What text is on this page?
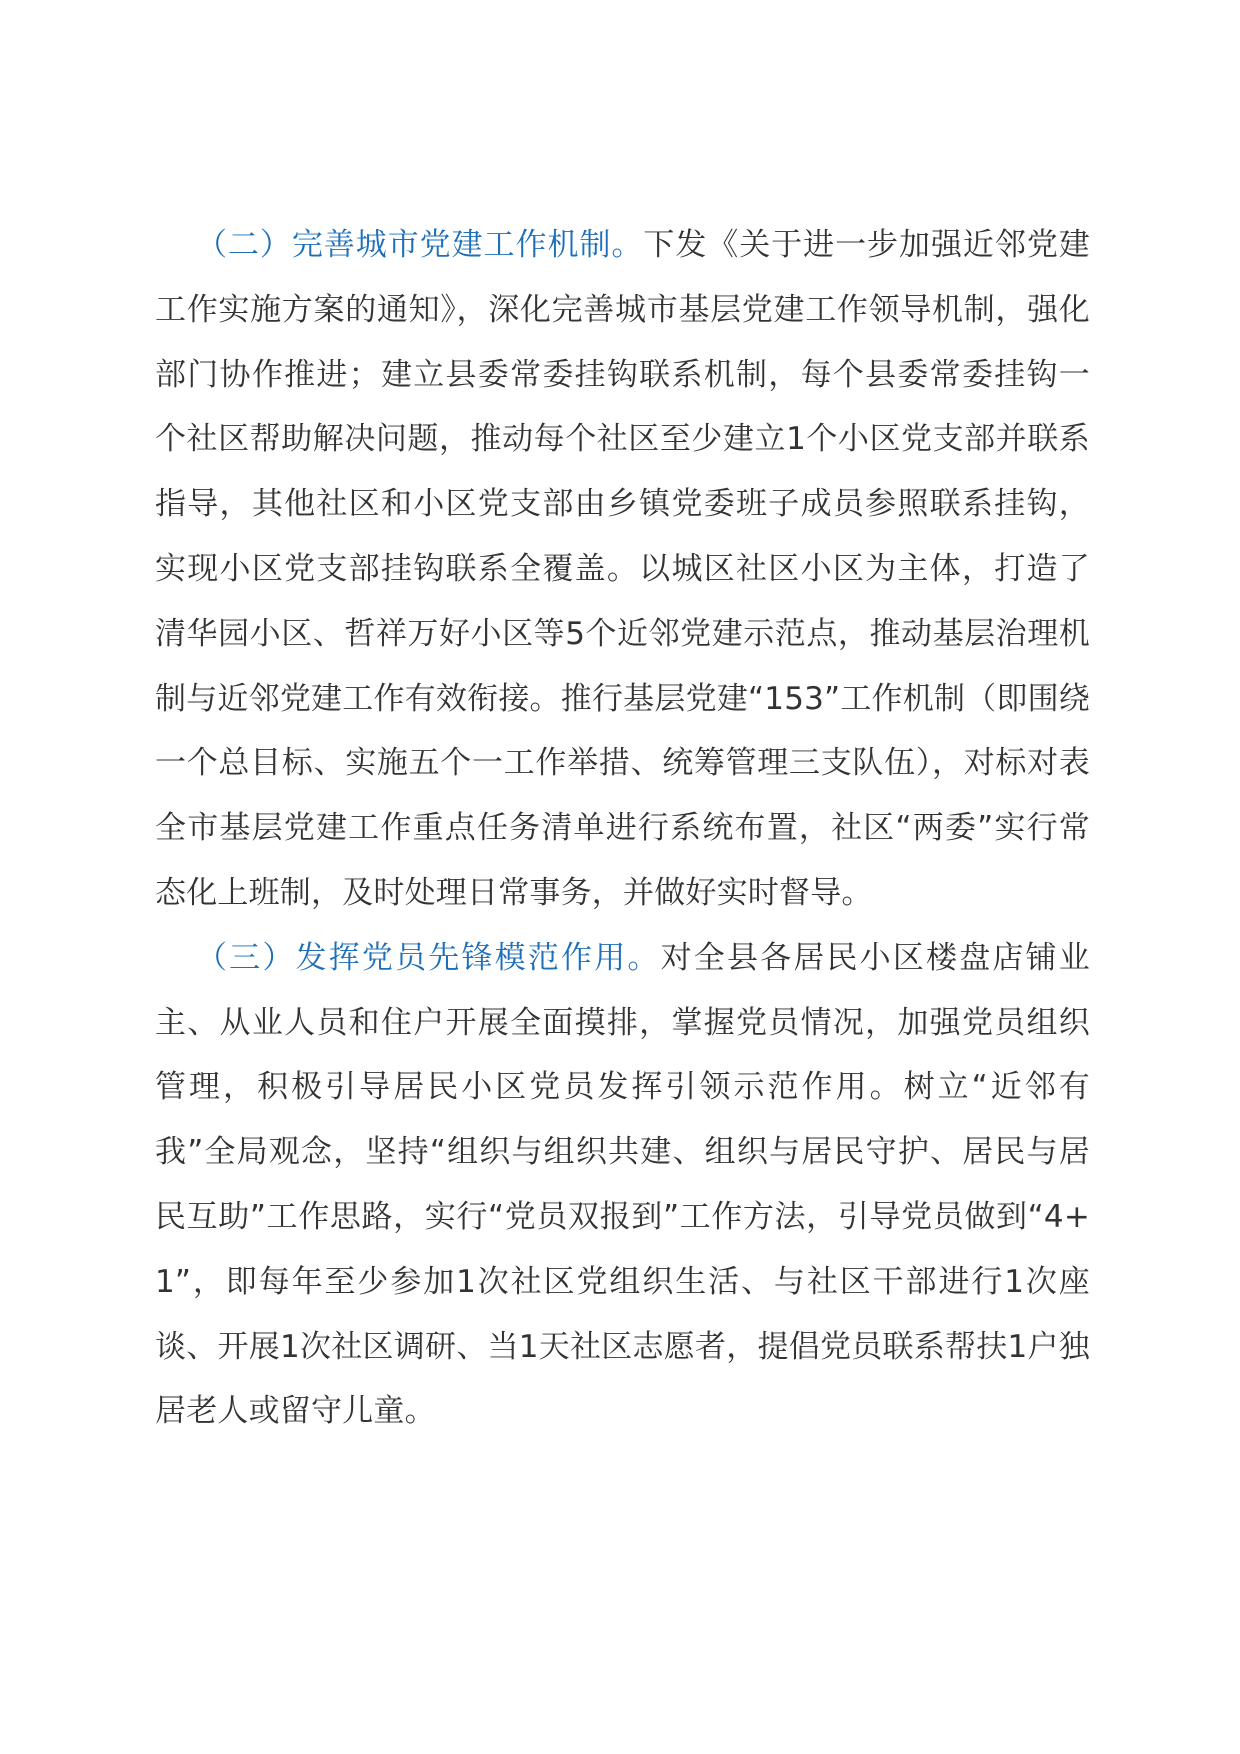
（二）完善城市党建工作机制。下发《关于进一步加强近邻党建工作实施方案的通知》，深化完善城市基层党建工作领导机制，强化部门协作推进；建立县委常委挂钩联系机制，每个县委常委挂钩一个社区帮助解决问题，推动每个社区至少建立1个小区党支部并联系指导，其他社区和小区党支部由乡镇党委班子成员参照联系挂钩，实现小区党支部挂钩联系全覆盖。以城区社区小区为主体，打造了清华园小区、哲祥万好小区等5个近邻党建示范点，推动基层治理机制与近邻党建工作有效衔接。推行基层党建“153”工作机制（即围绕一个总目标、实施五个一工作举措、统筹管理三支队伍），对标对表全市基层党建工作重点任务清单进行系统布置，社区“两委”实行常态化上班制，及时处理日常事务，并做好实时督导。

（三）发挥党员先锋模范作用。对全县各居民小区楼盘店铺业主、从业人员和住户开展全面摸排，掌握党员情况，加强党员组织管理，积极引导居民小区党员发挥引领示范作用。树立“近邻有我”全局观念，坚持“组织与组织共建、组织与居民守护、居民与居民互助”工作思路，实行“党员双报到”工作方法，引导党员做到“4+1”，即每年至少参加1次社区党组织生活、与社区干部进行1次座谈、开展1次社区调研、当1天社区志愿者，提倡党员联系帮扶1户独居老人或留守儿童。
